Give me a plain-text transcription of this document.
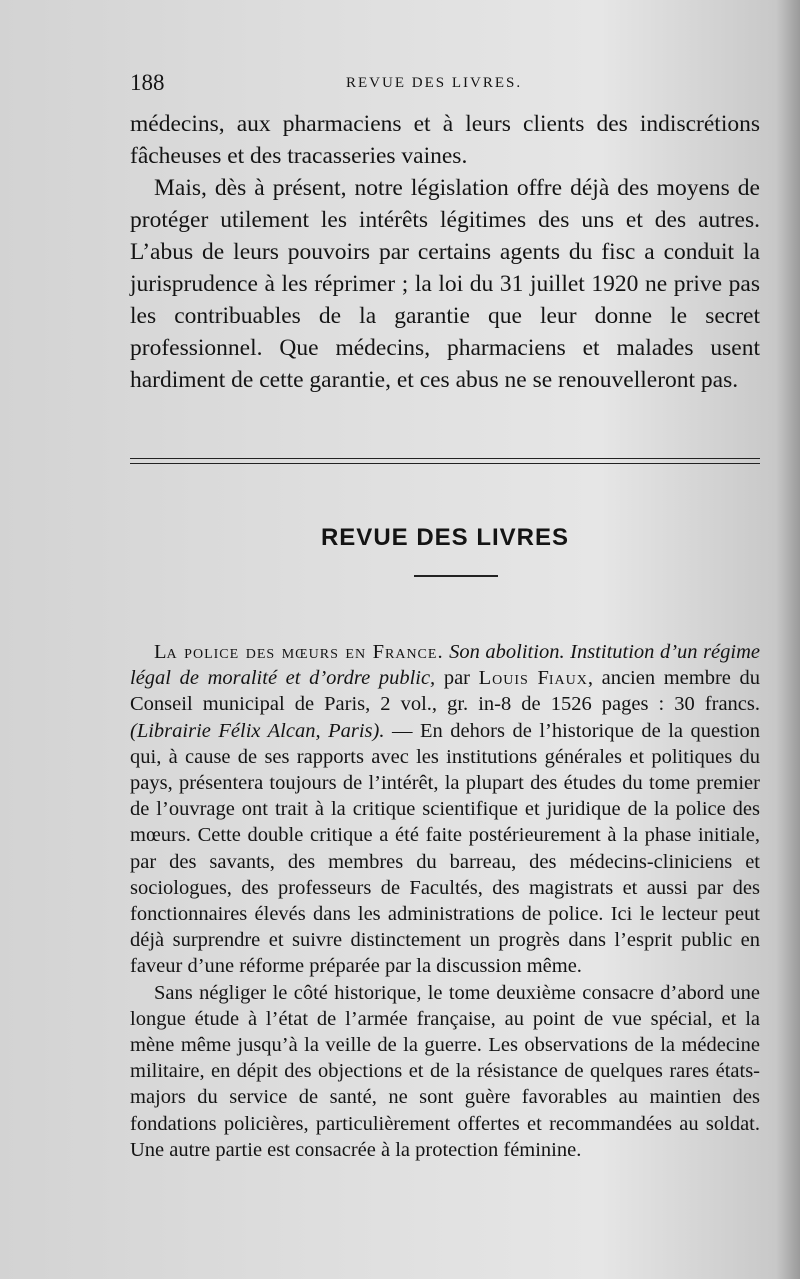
188	REVUE DES LIVRES.

médecins, aux pharmaciens et à leurs clients des indiscrétions fâcheuses et des tracasseries vaines.

Mais, dès à présent, notre législation offre déjà des moyens de protéger utilement les intérêts légitimes des uns et des autres. L’abus de leurs pouvoirs par certains agents du fisc a conduit la jurisprudence à les réprimer ; la loi du 31 juillet 1920 ne prive pas les contribuables de la garantie que leur donne le secret professionnel. Que médecins, pharmaciens et malades usent hardiment de cette garantie, et ces abus ne se renouvelleront pas.

REVUE DES LIVRES

La police des mœurs en France. Son abolition. Institution d’un régime légal de moralité et d’ordre public, par Louis Fiaux, ancien membre du Conseil municipal de Paris, 2 vol., gr. in-8 de 1526 pages : 30 francs. (Librairie Félix Alcan, Paris). — En dehors de l’historique de la question qui, à cause de ses rapports avec les institutions générales et politiques du pays, présentera toujours de l’intérêt, la plupart des études du tome premier de l’ouvrage ont trait à la critique scientifique et juridique de la police des mœurs. Cette double critique a été faite postérieurement à la phase initiale, par des savants, des membres du barreau, des médecins-cliniciens et sociologues, des professeurs de Facultés, des magistrats et aussi par des fonctionnaires élevés dans les administrations de police. Ici le lecteur peut déjà surprendre et suivre distinctement un progrès dans l’esprit public en faveur d’une réforme préparée par la discussion même.

Sans négliger le côté historique, le tome deuxième consacre d’abord une longue étude à l’état de l’armée française, au point de vue spécial, et la mène même jusqu’à la veille de la guerre. Les observations de la médecine militaire, en dépit des objections et de la résistance de quelques rares états-majors du service de santé, ne sont guère favorables au maintien des fondations policières, particulièrement offertes et recommandées au soldat. Une autre partie est consacrée à la protection féminine.
